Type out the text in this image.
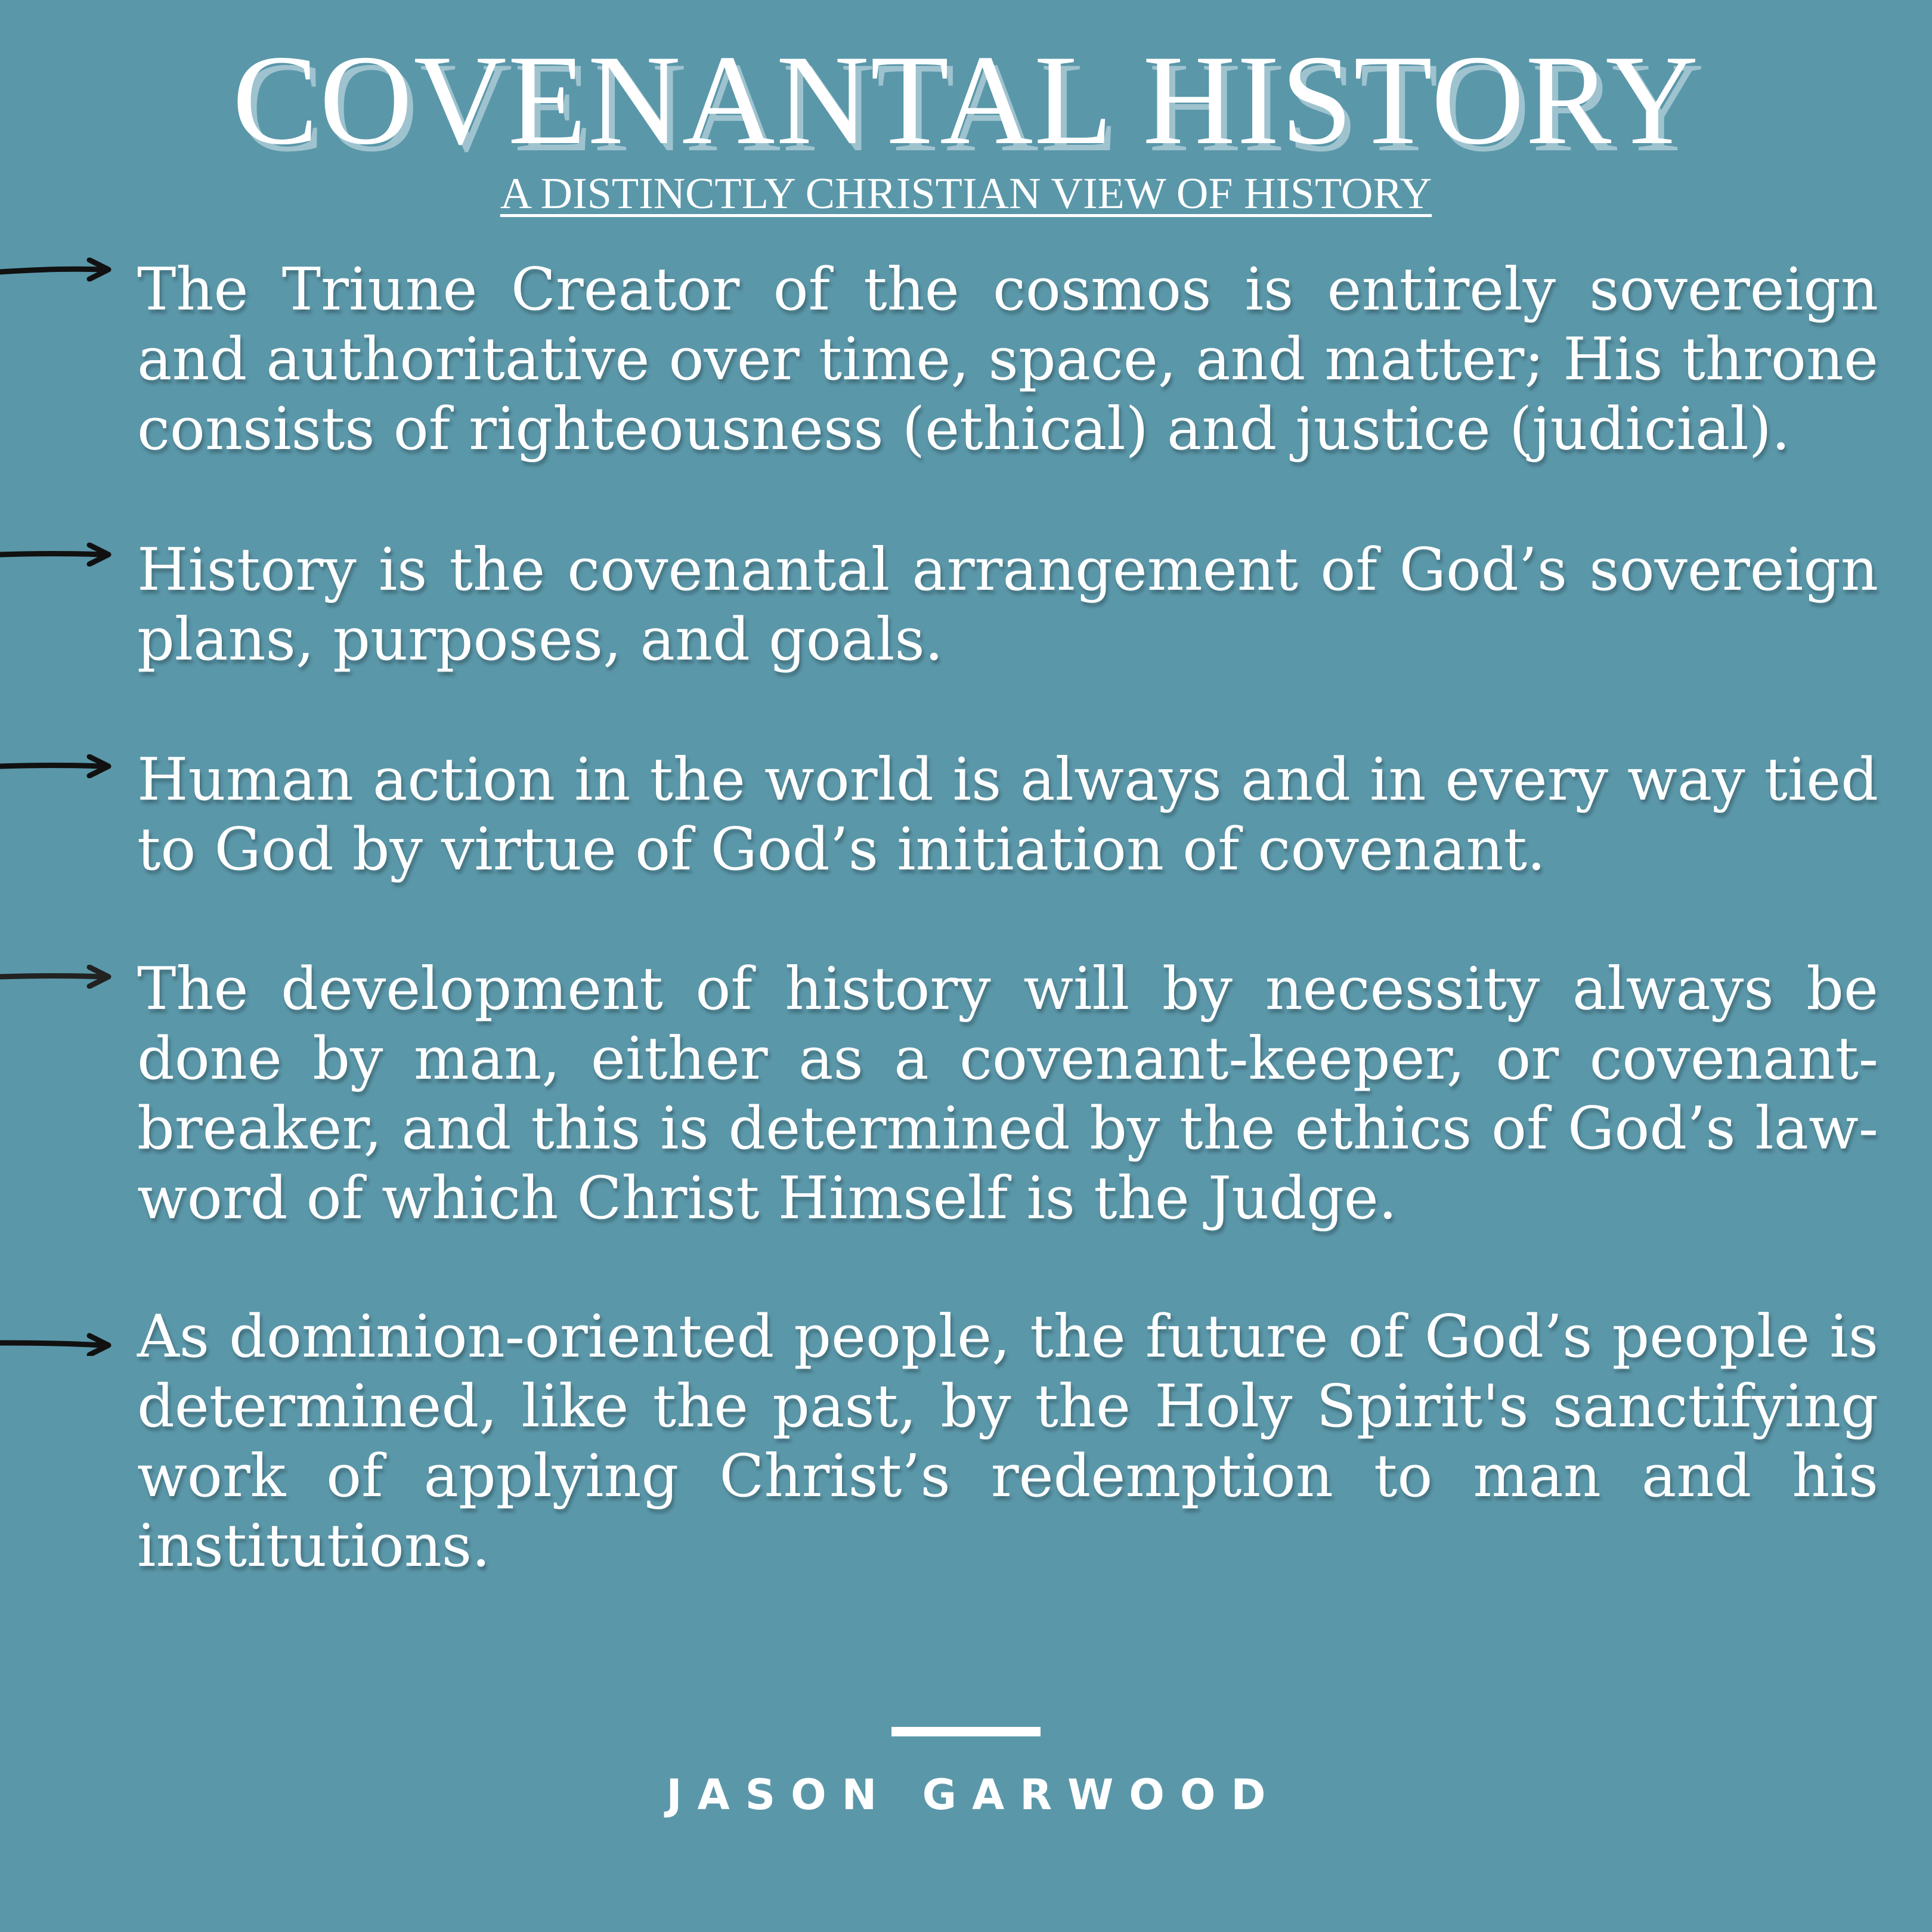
COVENANTAL HISTORY
A DISTINCTLY CHRISTIAN VIEW OF HISTORY
The Triune Creator of the cosmos is entirely sovereign and authoritative over time, space, and matter; His throne consists of righteousness (ethical) and justice (judicial).
History is the covenantal arrangement of God’s sovereign plans, purposes, and goals.
Human action in the world is always and in every way tied to God by virtue of God’s initiation of covenant.
The development of history will by necessity always be done by man, either as a covenant-keeper, or covenant-breaker, and this is determined by the ethics of God’s law-word of which Christ Himself is the Judge.
As dominion-oriented people, the future of God’s people is determined, like the past, by the Holy Spirit's sanctifying work of applying Christ’s redemption to man and his institutions.
JASON GARWOOD
